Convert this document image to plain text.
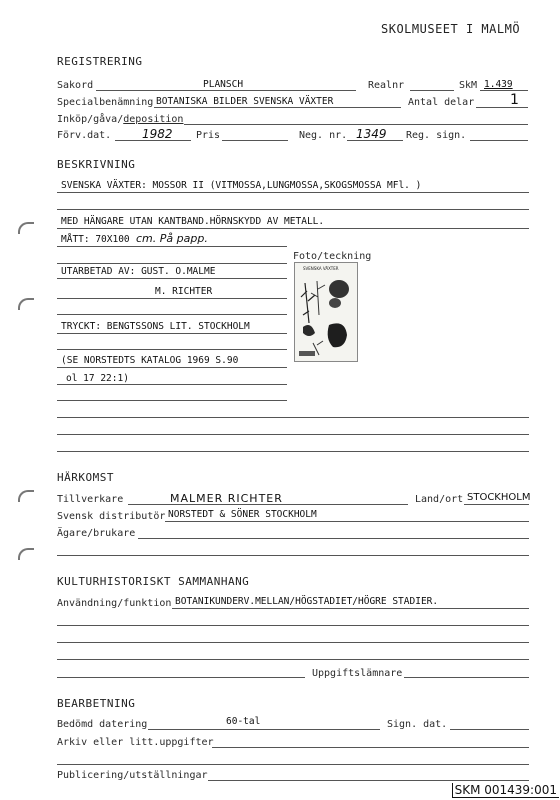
SKOLMUSEET I MALMÖ
REGISTRERING
Sakord	PLANSCH	Realnr	SkM 1.439
Specialbenämning BOTANISKA BILDER SVENSKA VÄXTER	Antal delar	1
Inköp/gåva/deposition
Förv.dat.	1982 Pris	Neg. nr. 1349 Reg. sign.
BESKRIVNING
SVENSKA VÄXTER: MOSSOR II (VITMOSSA,LUNGMOSSA,SKOGSMOSSA MFl. )
MED HÄNGARE UTAN KANTBAND.HÖRNSKYDD AV METALL.
MÅTT: 70X100 cm. På papp.
Foto/teckning
UTARBETAD AV: GUST. O.MALME
M. RICHTER
TRYCKT: BENGTSSONS LIT. STOCKHOLM
(SE NORSTEDTS KATALOG 1969 S.90
ol 17 22:1)
SVENSKA VÄXTER
HÄRKOMST
Tillverkare	MALMER RICHTER	Land/ort STOCKHOLM
Svensk distributör NORSTEDT & SÖNER STOCKHOLM
Ägare/brukare
KULTURHISTORISKT SAMMANHANG
Användning/funktion BOTANIKUNDERV.MELLAN/HÖGSTADIET/HÖGRE STADIER.
Uppgiftslämnare
BEARBETNING
Bedömd datering	60-tal	Sign. dat.
Arkiv eller litt.uppgifter
Publicering/utställningar
SKM 001439:001
